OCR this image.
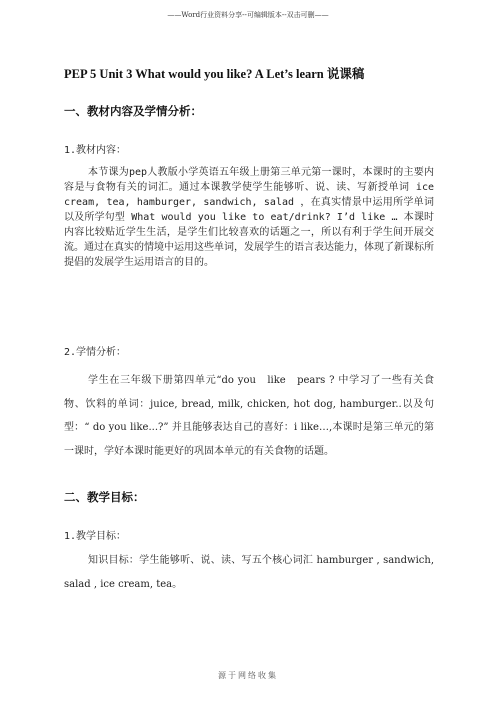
——Word行业资料分享--可编辑版本--双击可删——
PEP 5 Unit 3 What would you like? A Let’s learn 说课稿
一、教材内容及学情分析：
1.教材内容：

本节课为pep人教版小学英语五年级上册第三单元第一课时，本课时的主要内容是与食物有关的词汇。通过本课教学使学生能够听、说、读、写新授单词 ice cream, tea, hamburger, sandwich, salad ，在真实情景中运用所学单词以及所学句型 What would you like to eat/drink? I’d like … 本课时内容比较贴近学生生活，是学生们比较喜欢的话题之一，所以有利于学生间开展交流。通过在真实的情境中运用这些单词，发展学生的语言表达能力，体现了新课标所提倡的发展学生运用语言的目的。

2.学情分析：

学生在三年级下册第四单元“do you　like　pears ? 中学习了一些有关食物、饮料的单词：juice, bread, milk, chicken, hot dog, hamburger..以及句型：“ do you like...?” 并且能够表达自己的喜好：i like…,本课时是第三单元的第一课时，学好本课时能更好的巩固本单元的有关食物的话题。

二、教学目标：
1.教学目标：

知识目标：学生能够听、说、读、写五个核心词汇 hamburger , sandwich, salad , ice cream, tea。

源于网络收集
